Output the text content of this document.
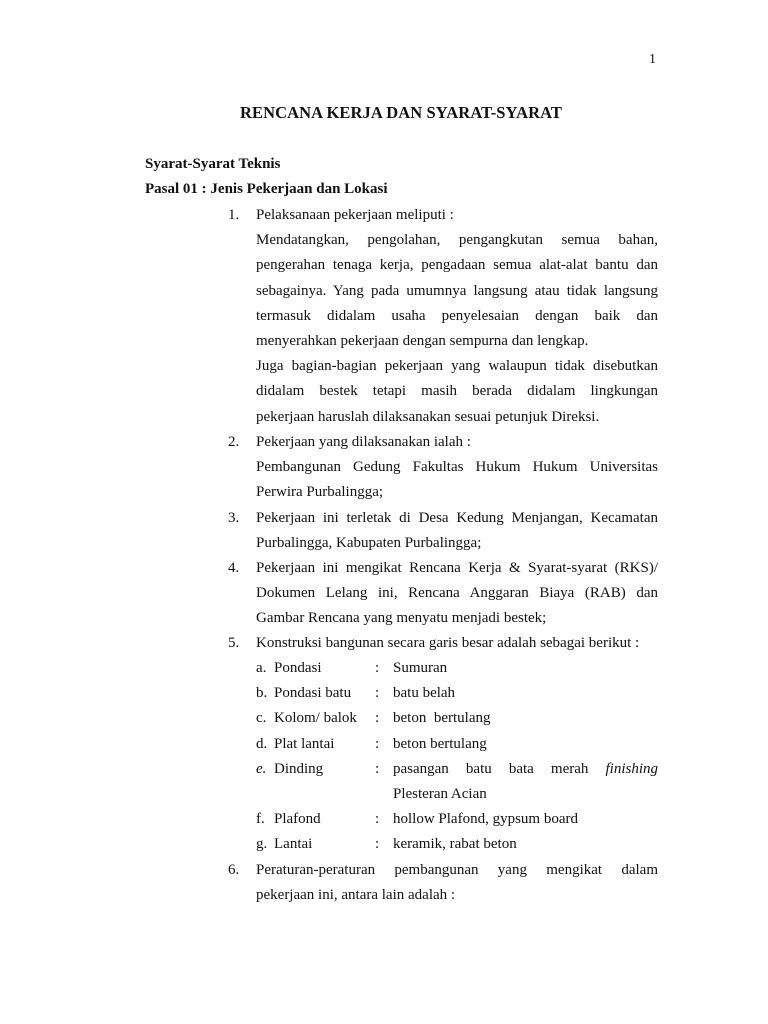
1
RENCANA KERJA DAN SYARAT-SYARAT
Syarat-Syarat Teknis
Pasal 01 : Jenis Pekerjaan dan Lokasi
1. Pelaksanaan pekerjaan meliputi :
Mendatangkan, pengolahan, pengangkutan semua bahan,
pengerahan tenaga kerja, pengadaan semua alat-alat bantu dan
sebagainya. Yang pada umumnya langsung atau tidak langsung
termasuk didalam usaha penyelesaian dengan baik dan
menyerahkan pekerjaan dengan sempurna dan lengkap.
Juga bagian-bagian pekerjaan yang walaupun tidak disebutkan
didalam bestek tetapi masih berada didalam lingkungan
pekerjaan haruslah dilaksanakan sesuai petunjuk Direksi.
2. Pekerjaan yang dilaksanakan ialah :
Pembangunan Gedung Fakultas Hukum Hukum Universitas
Perwira Purbalingga;
3. Pekerjaan ini terletak di Desa Kedung Menjangan, Kecamatan
Purbalingga, Kabupaten Purbalingga;
4. Pekerjaan ini mengikat Rencana Kerja & Syarat-syarat (RKS)/
Dokumen Lelang ini, Rencana Anggaran Biaya (RAB) dan
Gambar Rencana yang menyatu menjadi bestek;
5. Konstruksi bangunan secara garis besar adalah sebagai berikut :
a. Pondasi	: Sumuran
b. Pondasi batu : batu belah
c. Kolom/ balok : beton  bertulang
d. Plat lantai	: beton bertulang
e. Dinding	: pasangan batu bata merah finishing
Plesteran Acian
f. Plafond	: hollow Plafond, gypsum board
g. Lantai	: keramik, rabat beton
6. Peraturan-peraturan pembangunan yang mengikat dalam
pekerjaan ini, antara lain adalah :
